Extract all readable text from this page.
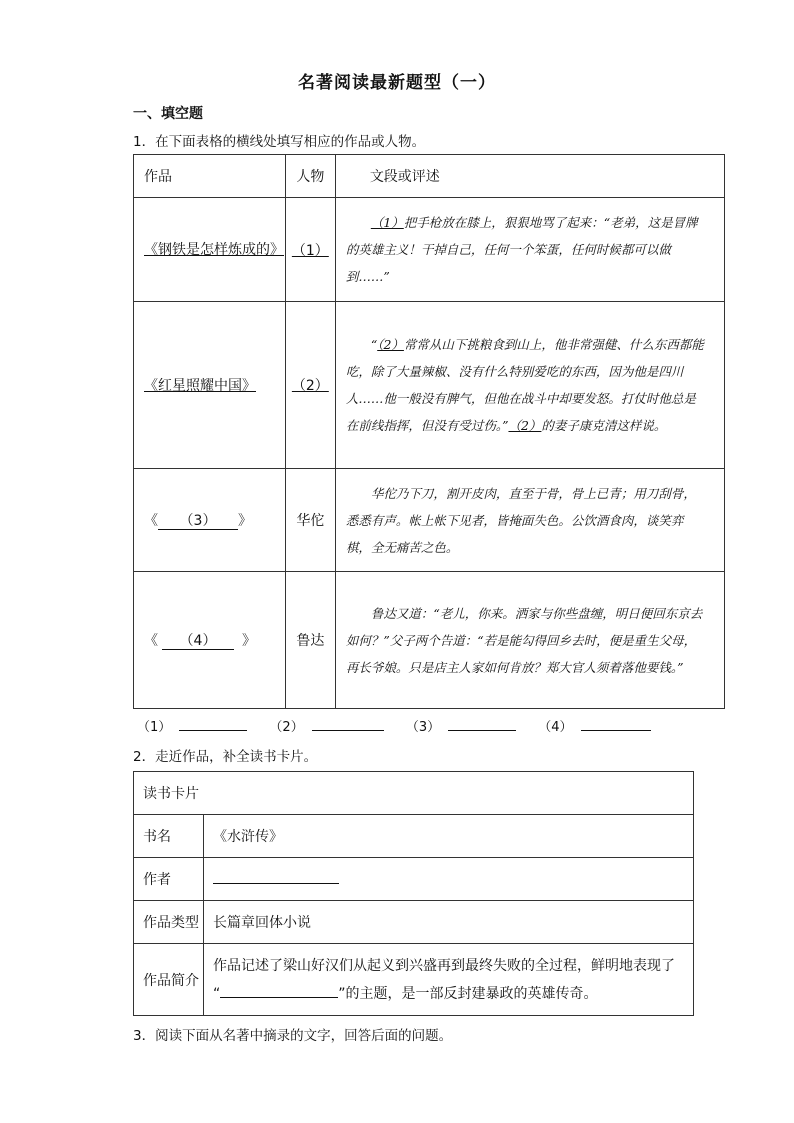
名著阅读最新题型（一）
一、填空题
1．在下面表格的横线处填写相应的作品或人物。
作品	人物	文段或评述
《钢铁是怎样炼成的》	（1）	（1）把手枪放在膝上，狠狠地骂了起来：“老弟，这是冒牌的英雄主义！干掉自己，任何一个笨蛋，任何时候都可以做到……”

《红星照耀中国》	（2）	“（2）常常从山下挑粮食到山上，他非常强健、什么东西都能吃，除了大量辣椒、没有什么特别爱吃的东西，因为他是四川人……他一般没有脾气，但他在战斗中却要发怒。打仗时他总是在前线指挥，但没有受过伤。”（2）的妻子康克清这样说。

《 （3） 》	华佗	华佗乃下刀，割开皮肉，直至于骨，骨上已青；用刀刮骨，悉悉有声。帐上帐下见者，皆掩面失色。公饮酒食肉，谈笑弈棋，全无痛苦之色。

《 （4） 》	鲁达	鲁达又道：“老儿，你来。洒家与你些盘缠，明日便回东京去如何？”父子两个告道：“若是能勾得回乡去时，便是重生父母，再长爷娘。只是店主人家如何肯放？郑大官人须着落他要钱。”
（1）	（2）	（3）	（4）
2．走近作品，补全读书卡片。
读书卡片	
书名	《水浒传》
作者	
作品类型	长篇章回体小说
作品简介	作品记述了梁山好汉们从起义到兴盛再到最终失败的全过程，鲜明地表现了
“ ”的主题，是一部反封建暴政的英雄传奇。
3．阅读下面从名著中摘录的文字，回答后面的问题。
